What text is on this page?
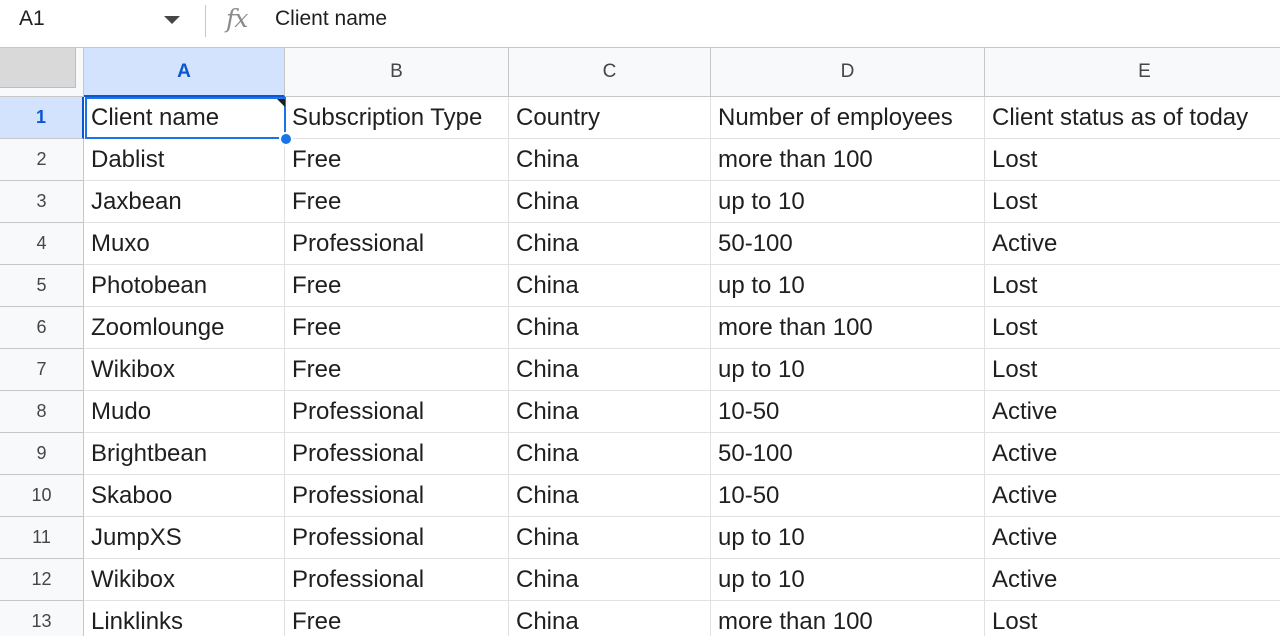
A1	fx Client name
A	B	C	D	E
1	Client name	Subscription Type	Country	Number of employees	Client status as of today
2	Dablist	Free	China	more than 100	Lost
3	Jaxbean	Free	China	up to 10	Lost
4	Muxo	Professional	China	50-100	Active
5	Photobean	Free	China	up to 10	Lost
6	Zoomlounge	Free	China	more than 100	Lost
7	Wikibox	Free	China	up to 10	Lost
8	Mudo	Professional	China	10-50	Active
9	Brightbean	Professional	China	50-100	Active
10	Skaboo	Professional	China	10-50	Active
11	JumpXS	Professional	China	up to 10	Active
12	Wikibox	Professional	China	up to 10	Active
13	Linklinks	Free	China	more than 100	Lost
